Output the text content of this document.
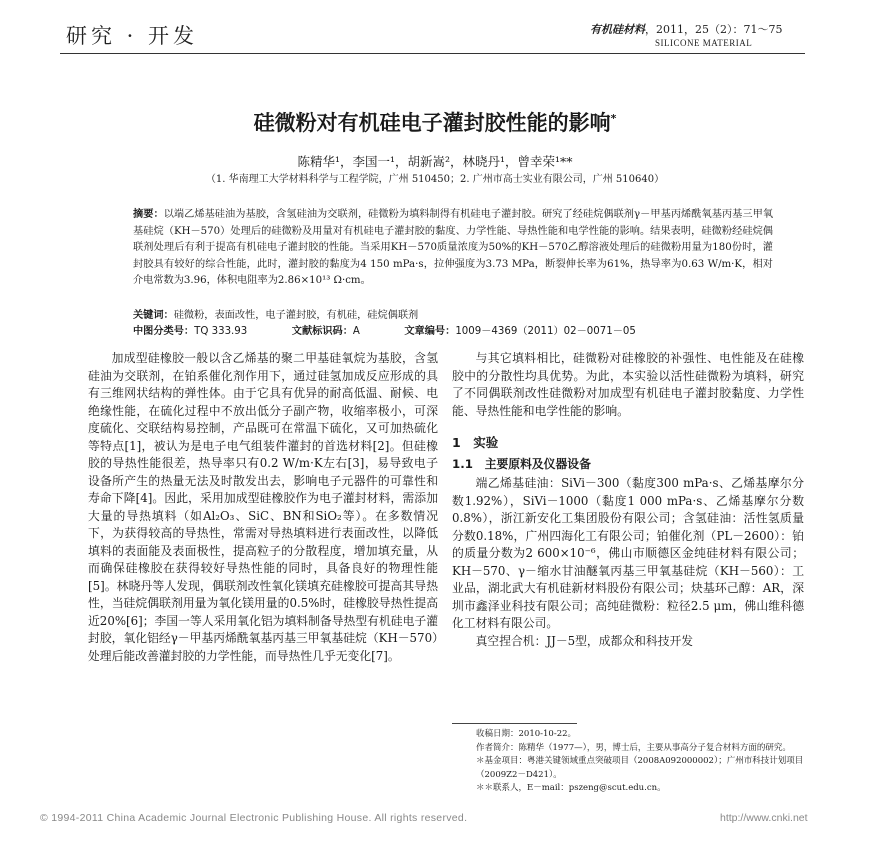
研究 · 开发	有机硅材料，2011，25（2）：71～75
SILICONE MATERIAL
硅微粉对有机硅电子灌封胶性能的影响*
陈精华¹，李国一¹，胡新嵩²，林晓丹¹，曾幸荣¹**
（1. 华南理工大学材料科学与工程学院，广州 510450；2. 广州市高士实业有限公司，广州 510640）
摘要：以端乙烯基硅油为基胶，含氢硅油为交联剂，硅微粉为填料制得有机硅电子灌封胶。研究了经硅烷偶联剂γ－甲基丙烯酰氧基丙基三甲氧基硅烷（KH－570）处理后的硅微粉及用量对有机硅电子灌封胶的黏度、力学性能、导热性能和电学性能的影响。结果表明，硅微粉经硅烷偶联剂处理后有利于提高有机硅电子灌封胶的性能。当采用KH－570质量浓度为50%的KH－570乙醇溶液处理后的硅微粉用量为180份时，灌封胶具有较好的综合性能，此时，灌封胶的黏度为4 150 mPa·s，拉伸强度为3.73 MPa，断裂伸长率为61%，热导率为0.63 W/m·K，相对介电常数为3.96，体积电阻率为2.86×10¹³ Ω·cm。
关键词：硅微粉，表面改性，电子灌封胶，有机硅，硅烷偶联剂
中图分类号：TQ 333.93	文献标识码：A	文章编号：1009－4369（2011）02－0071－05

加成型硅橡胶一般以含乙烯基的聚二甲基硅氧烷为基胶，含氢硅油为交联剂，在铂系催化剂作用下，通过硅氢加成反应形成的具有三维网状结构的弹性体。由于它具有优异的耐高低温、耐候、电绝缘性能，在硫化过程中不放出低分子副产物，收缩率极小，可深度硫化、交联结构易控制，产品既可在常温下硫化，又可加热硫化等特点[1]，被认为是电子电气组装件灌封的首选材料[2]。但硅橡胶的导热性能很差，热导率只有0.2 W/m·K左右[3]，易导致电子设备所产生的热量无法及时散发出去，影响电子元器件的可靠性和寿命下降[4]。因此，采用加成型硅橡胶作为电子灌封材料，需添加大量的导热填料（如Al₂O₃、SiC、BN和SiO₂等）。在多数情况下，为获得较高的导热性，常需对导热填料进行表面改性，以降低填料的表面能及表面极性，提高粒子的分散程度，增加填充量，从而确保硅橡胶在获得较好导热性能的同时，具备良好的物理性能[5]。林晓丹等人发现，偶联剂改性氧化镁填充硅橡胶可提高其导热性，当硅烷偶联剂用量为氧化镁用量的0.5%时，硅橡胶导热性提高近20%[6]；李国一等人采用氧化铝为填料制备导热型有机硅电子灌封胶，氧化铝经γ－甲基丙烯酰氧基丙基三甲氧基硅烷（KH－570）处理后能改善灌封胶的力学性能，而导热性几乎无变化[7]。

与其它填料相比，硅微粉对硅橡胶的补强性、电性能及在硅橡胶中的分散性均具优势。为此，本实验以活性硅微粉为填料，研究了不同偶联剂改性硅微粉对加成型有机硅电子灌封胶黏度、力学性能、导热性能和电学性能的影响。

1　实验
1.1　主要原料及仪器设备

端乙烯基硅油：SiVi－300（黏度300 mPa·s、乙烯基摩尔分数1.92%），SiVi－1000（黏度1 000 mPa·s、乙烯基摩尔分数0.8%），浙江新安化工集团股份有限公司；含氢硅油：活性氢质量分数0.18%，广州四海化工有限公司；铂催化剂（PL－2600）：铂的质量分数为2 600×10⁻⁶，佛山市顺德区金纯硅材料有限公司；KH－570、γ－缩水甘油醚氧丙基三甲氧基硅烷（KH－560）：工业品，湖北武大有机硅新材料股份有限公司；炔基环己醇：AR，深圳市鑫泽业科技有限公司；高纯硅微粉：粒径2.5 μm，佛山维科德化工材料有限公司。

真空捏合机：JJ－5型，成都众和科技开发

收稿日期：2010-10-22。
作者简介：陈精华（1977—），男，博士后，主要从事高分子复合材料方面的研究。
＊基金项目：粤港关键领域重点突破项目（2008A092000002）；广州市科技计划项目（2009Z2－D421）。
＊＊联系人，E－mail：pszeng@scut.edu.cn。
© 1994-2011 China Academic Journal Electronic Publishing House. All rights reserved.	http://www.cnki.net
